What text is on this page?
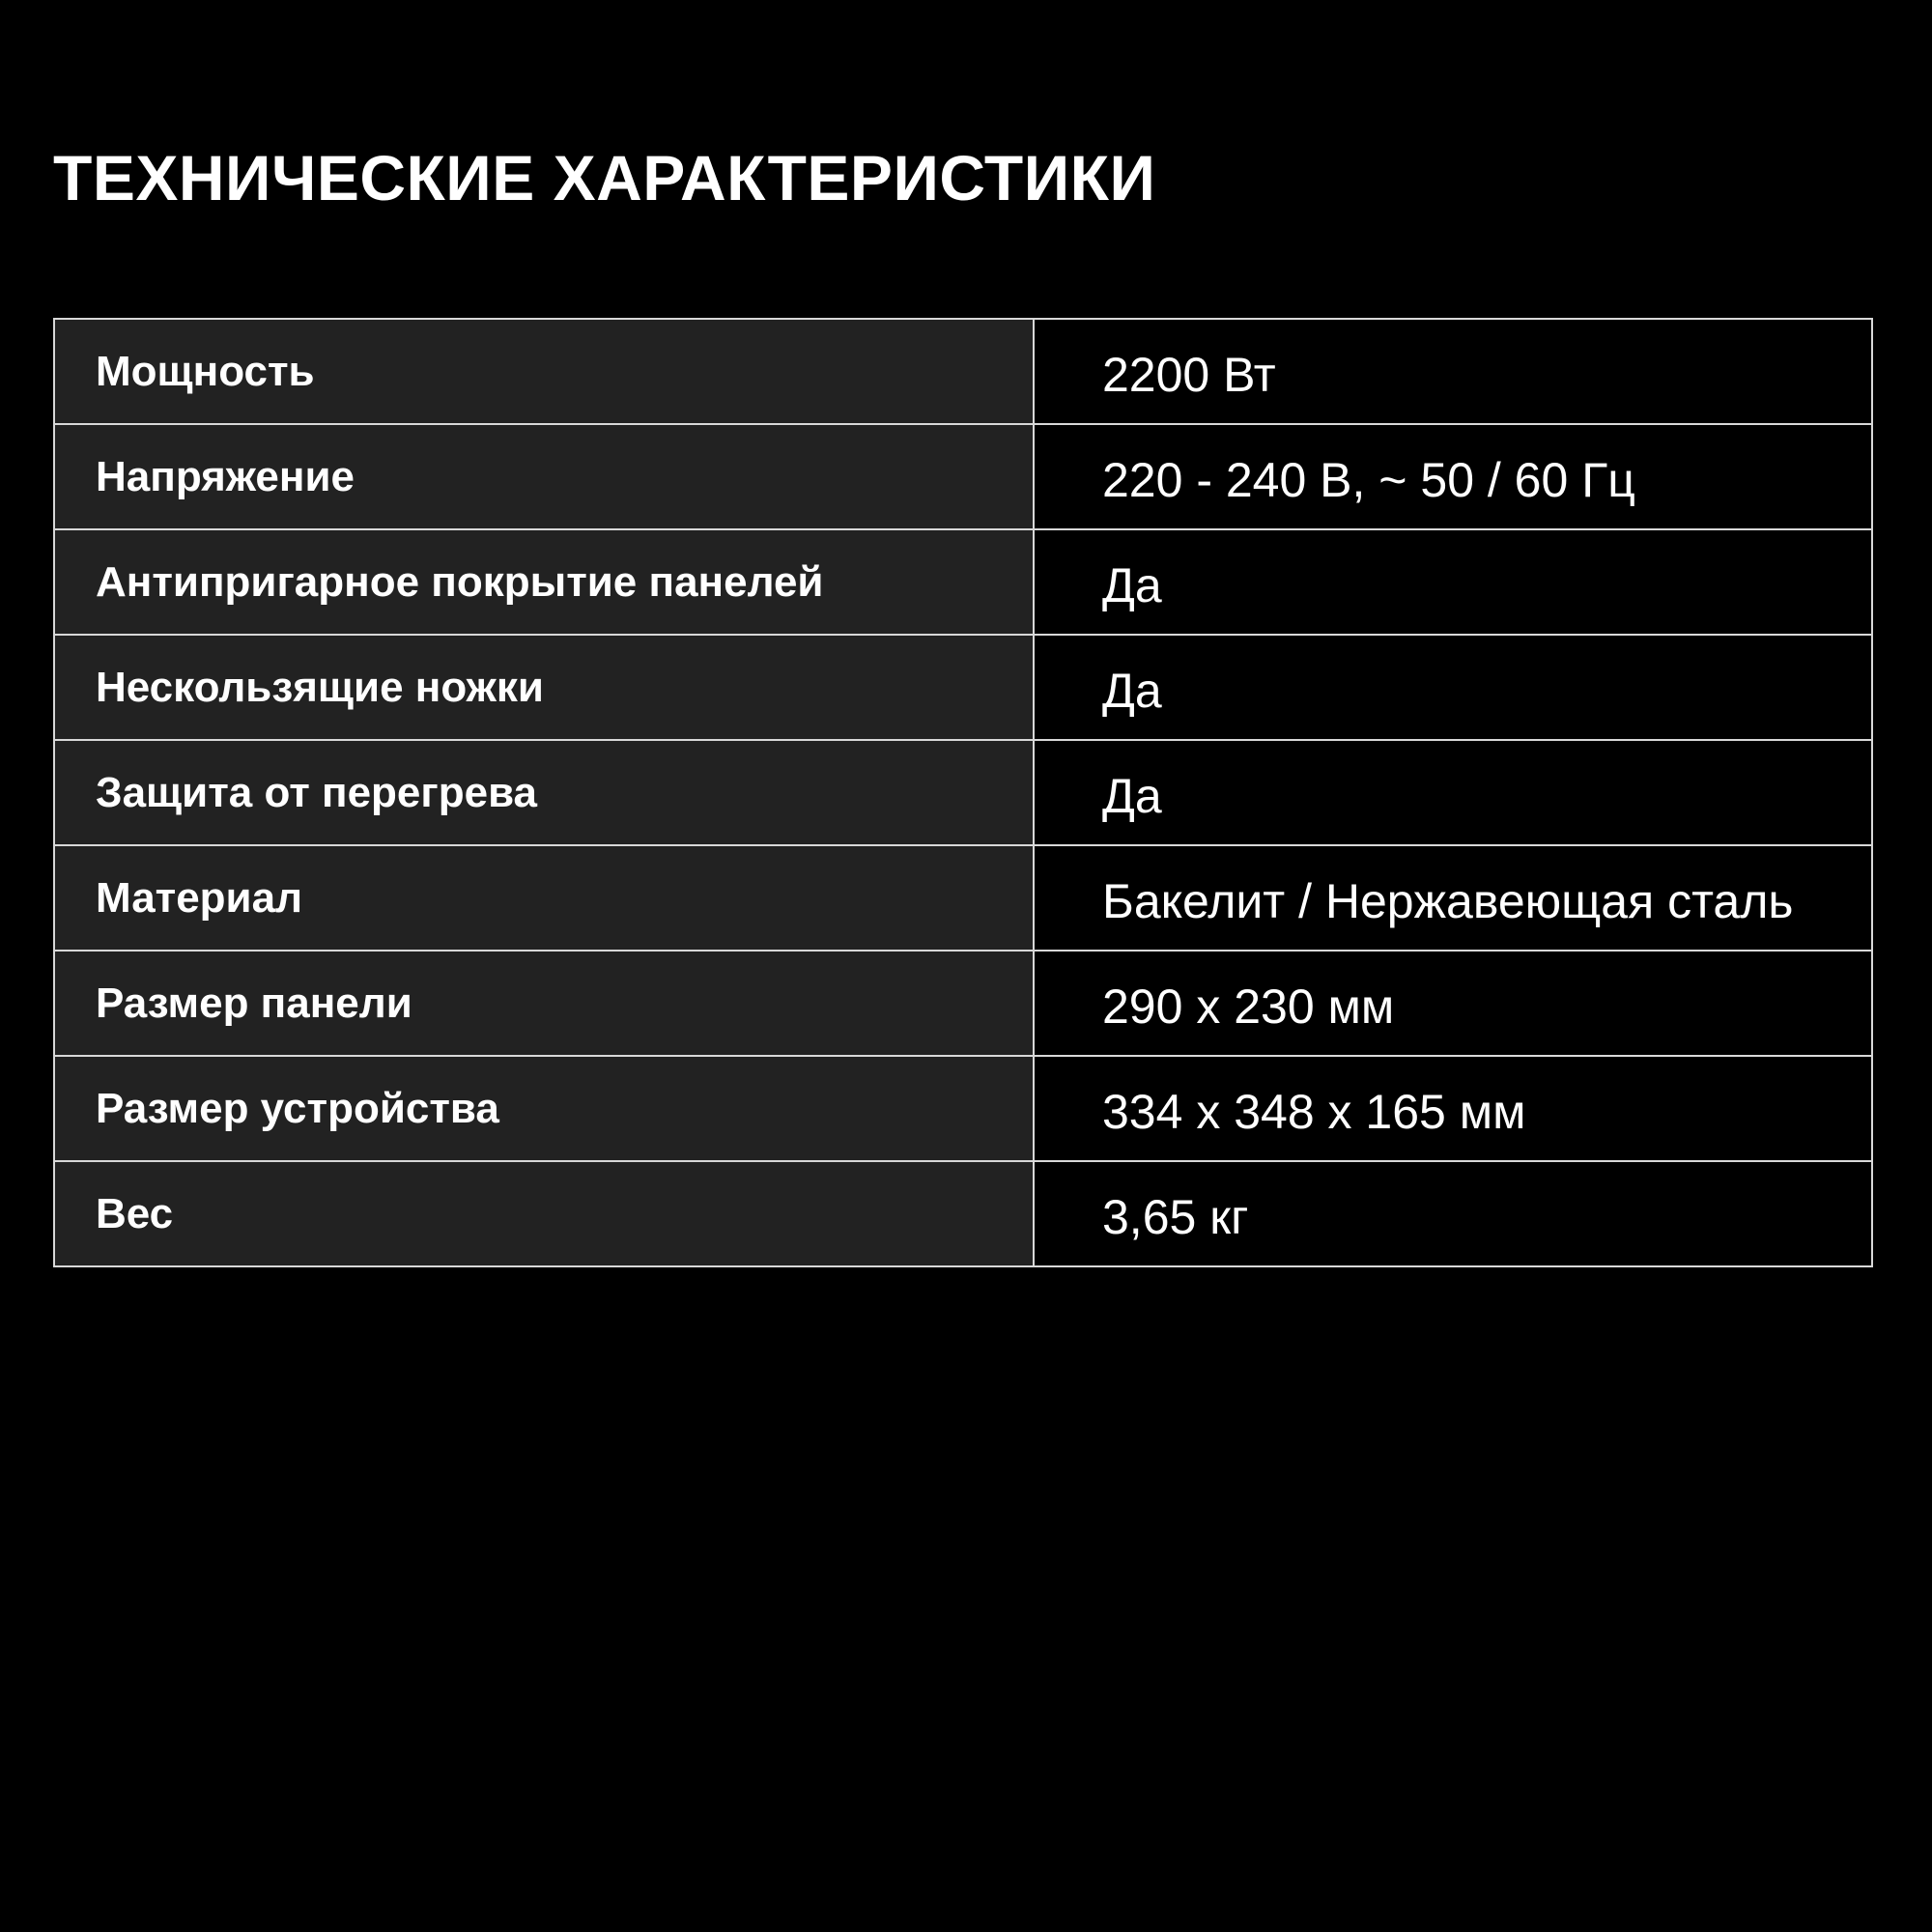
ТЕХНИЧЕСКИЕ ХАРАКТЕРИСТИКИ
Мощность	2200 Вт
Напряжение	220 - 240 В, ~ 50 / 60 Гц
Антипригарное покрытие панелей	Да
Нескользящие ножки	Да
Защита от перегрева	Да
Материал	Бакелит / Нержавеющая сталь
Размер панели	290 x 230 мм
Размер устройства	334 x 348 x 165 мм
Вес	3,65 кг
